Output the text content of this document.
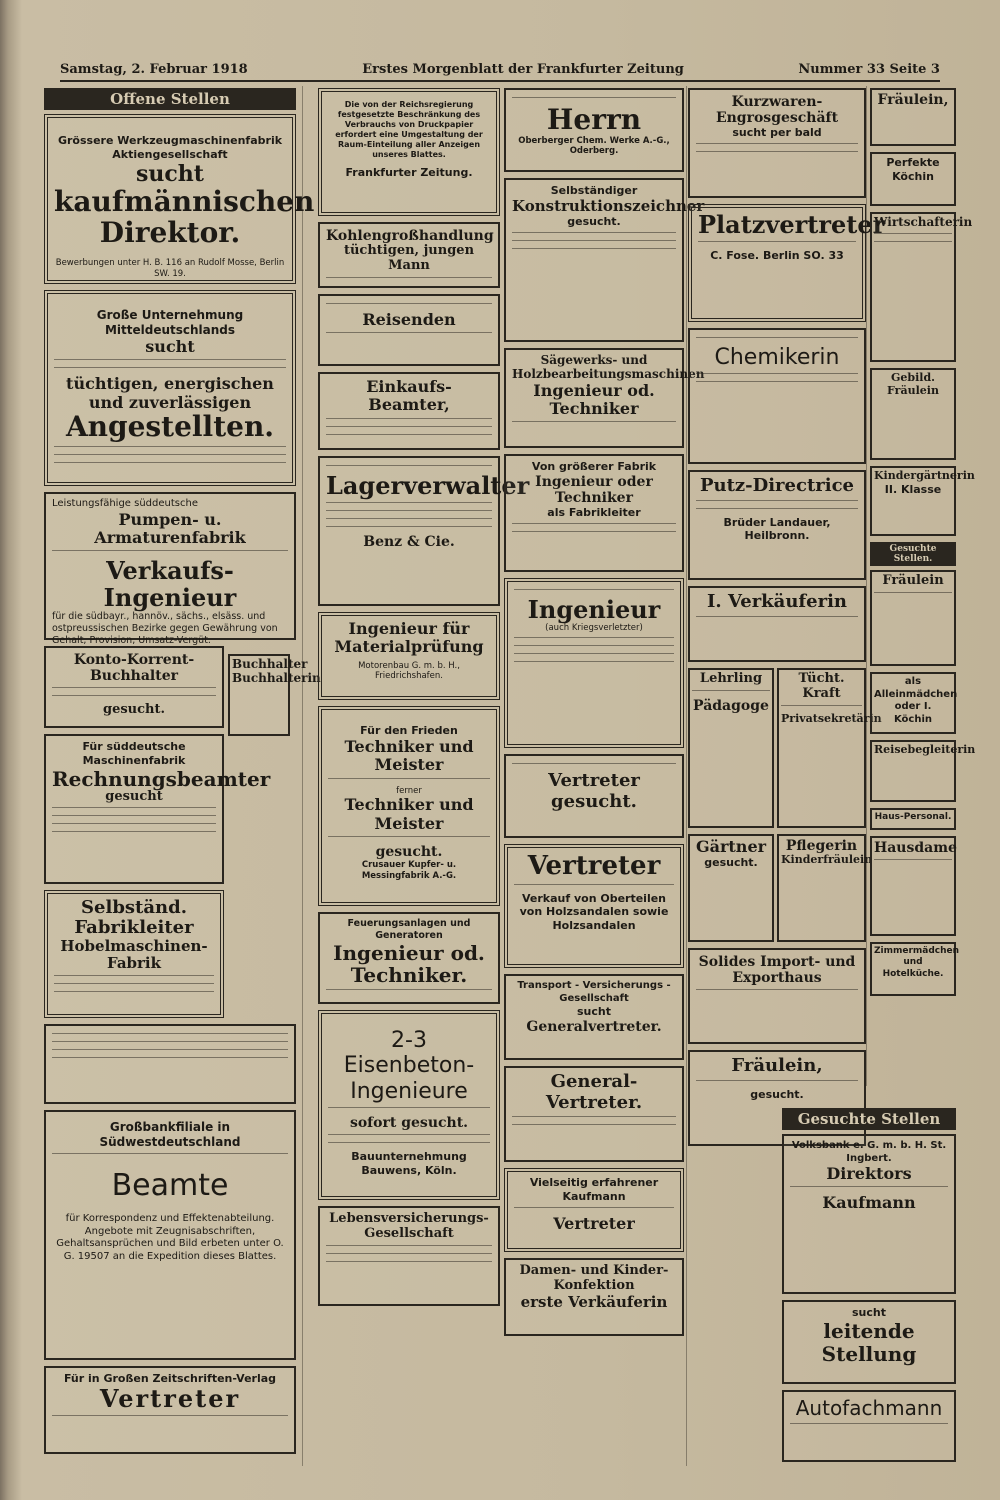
Samstag, 2. Februar 1918	Erstes Morgenblatt der Frankfurter Zeitung	Nummer 33 Seite 3
Offene Stellen
Grössere Werkzeugmaschinenfabrik Aktiengesellschaft
sucht
kaufmännischen Direktor.
Bewerbungen unter H. B. 116 an Rudolf Mosse, Berlin SW. 19.
Große Unternehmung Mitteldeutschlands
sucht
tüchtigen, energischen und zuverlässigen
Angestellten.
Leistungsfähige süddeutsche
Pumpen- u. Armaturenfabrik
Verkaufs-Ingenieur
für die südbayr., hannöv., sächs., elsäss. und ostpreussischen Bezirke gegen Gewährung von Gehalt, Provision, Umsatz-Vergüt.
Konto-Korrent-Buchhalter
gesucht.
Für süddeutsche Maschinenfabrik
Rechnungsbeamter
gesucht
Selbständ. Fabrikleiter
Hobelmaschinen-Fabrik
Großbankfiliale in Südwestdeutschland
Beamte
für Korrespondenz und Effektenabteilung. Angebote mit Zeugnisabschriften, Gehaltsansprüchen und Bild erbeten unter O. G. 19507 an die Expedition dieses Blattes.
Für in Großen Zeitschriften-Verlag
Vertreter
Buchhalter
Buchhalterin
Die von der Reichsregierung festgesetzte Beschränkung des Verbrauchs von Druckpapier erfordert eine Umgestaltung der Raum-Einteilung aller Anzeigen unseres Blattes.
Frankfurter Zeitung.
Kohlengroßhandlung
tüchtigen, jungen Mann
Reisenden
Einkaufs-Beamter,
Lagerverwalter
Benz & Cie.
Ingenieur für Materialprüfung
Motorenbau G. m. b. H., Friedrichshafen.
Für den Frieden
Techniker und Meister
ferner
Techniker und Meister
gesucht.
Crusauer Kupfer- u. Messingfabrik A.-G.
Feuerungsanlagen und Generatoren
Ingenieur od. Techniker.
2-3 Eisenbeton-Ingenieure
sofort gesucht.
Bauunternehmung Bauwens, Köln.
Lebensversicherungs-Gesellschaft
Herrn
Oberberger Chem. Werke A.-G., Oderberg.
Selbständiger
Konstruktionszeichner
gesucht.
Sägewerks- und Holzbearbeitungsmaschinen
Ingenieur od. Techniker
Von größerer Fabrik
Ingenieur oder Techniker
als Fabrikleiter
Ingenieur
(auch Kriegsverletzter)
Vertreter gesucht.
Vertreter
Verkauf von Oberteilen von Holzsandalen sowie Holzsandalen
Transport - Versicherungs - Gesellschaft
sucht
Generalvertreter.
General-Vertreter.
Vielseitig erfahrener Kaufmann
Vertreter
Damen- und Kinder-Konfektion
erste Verkäuferin
Kurzwaren-Engrosgeschäft
sucht per bald
Platzvertreter
C. Fose. Berlin SO. 33
Chemikerin
Putz-Directrice
Brüder Landauer, Heilbronn.
I. Verkäuferin
Lehrling
Pädagoge
Tücht. Kraft
Privatsekretärin
Gärtner
gesucht.
Pflegerin
Kinderfräulein
Solides Import- und Exporthaus
Fräulein,
gesucht.
Fräulein,
Perfekte Köchin
Wirtschafterin
Gebild. Fräulein
Kindergärtnerin
II. Klasse
Gesuchte Stellen.
Fräulein
als Alleinmädchen oder I. Köchin
Reisebegleiterin
Haus-Personal.
Hausdame
Zimmermädchen und Hotelküche.
Gesuchte Stellen
Volksbank e. G. m. b. H. St. Ingbert.
Direktors
Kaufmann
sucht
leitende Stellung
Autofachmann
